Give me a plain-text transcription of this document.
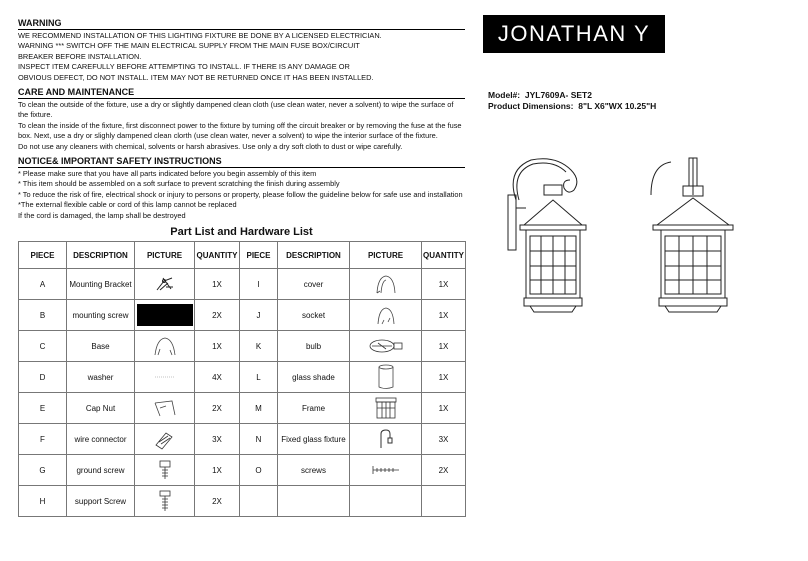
WARNING
WE RECOMMEND INSTALLATION OF THIS LIGHTING FIXTURE BE DONE BY A LICENSED ELECTRICIAN.
WARNING *** SWITCH OFF THE MAIN ELECTRICAL SUPPLY FROM THE MAIN FUSE BOX/CIRCUIT
BREAKER BEFORE INSTALLATION.
INSPECT ITEM CAREFULLY BEFORE ATTEMPTING TO INSTALL. IF THERE IS ANY DAMAGE OR
OBVIOUS DEFECT, DO NOT INSTALL. ITEM MAY NOT BE RETURNED ONCE IT HAS BEEN INSTALLED.
CARE AND MAINTENANCE
To clean the outside of the fixture, use a dry or slightly dampened clean cloth (use clean water, never a solvent) to wipe the surface of the fixture.
To clean the inside of the fixture, first disconnect power to the fixture by turning off the circuit breaker or by removing the fuse at the fuse box. Next, use a dry or slighly dampened clean clorth (use clean water, never a solvent) to wipe the interior surface of the fixture.
Do not use any cleaners with chemical, solvents or harsh abrasives. Use only a dry soft cloth to dust or wipe carefully.
NOTICE& IMPORTANT SAFETY INSTRUCTIONS
* Please make sure that you have all parts indicated before you begin assembly of this item
* This item should be assembled on a soft surface to prevent scratching the finish during assembly
* To reduce the risk of fire, electrical shock or injury to persons or property, please follow the guideline below for safe use and installation
*The external flexible cable or cord of this lamp cannot be replaced
If the cord is damaged, the lamp shall be destroyed
Part List and Hardware List
PIECE	DESCRIPTION	PICTURE	QUANTITY	PIECE	DESCRIPTION	PICTURE	QUANTITY
A	Mounting Bracket		1X	I	cover		1X
B	mounting screw		2X	J	socket		1X
C	Base		1X	K	bulb		1X
D	washer		4X	L	glass shade		1X
E	Cap Nut		2X	M	Frame		1X
F	wire connector		3X	N	Fixed glass fixture		3X
G	ground screw		1X	O	screws		2X
H	support Screw		2X				
JONATHAN Y
Model#: JYL7609A- SET2
Product Dimensions: 8"L X6"WX 10.25"H
